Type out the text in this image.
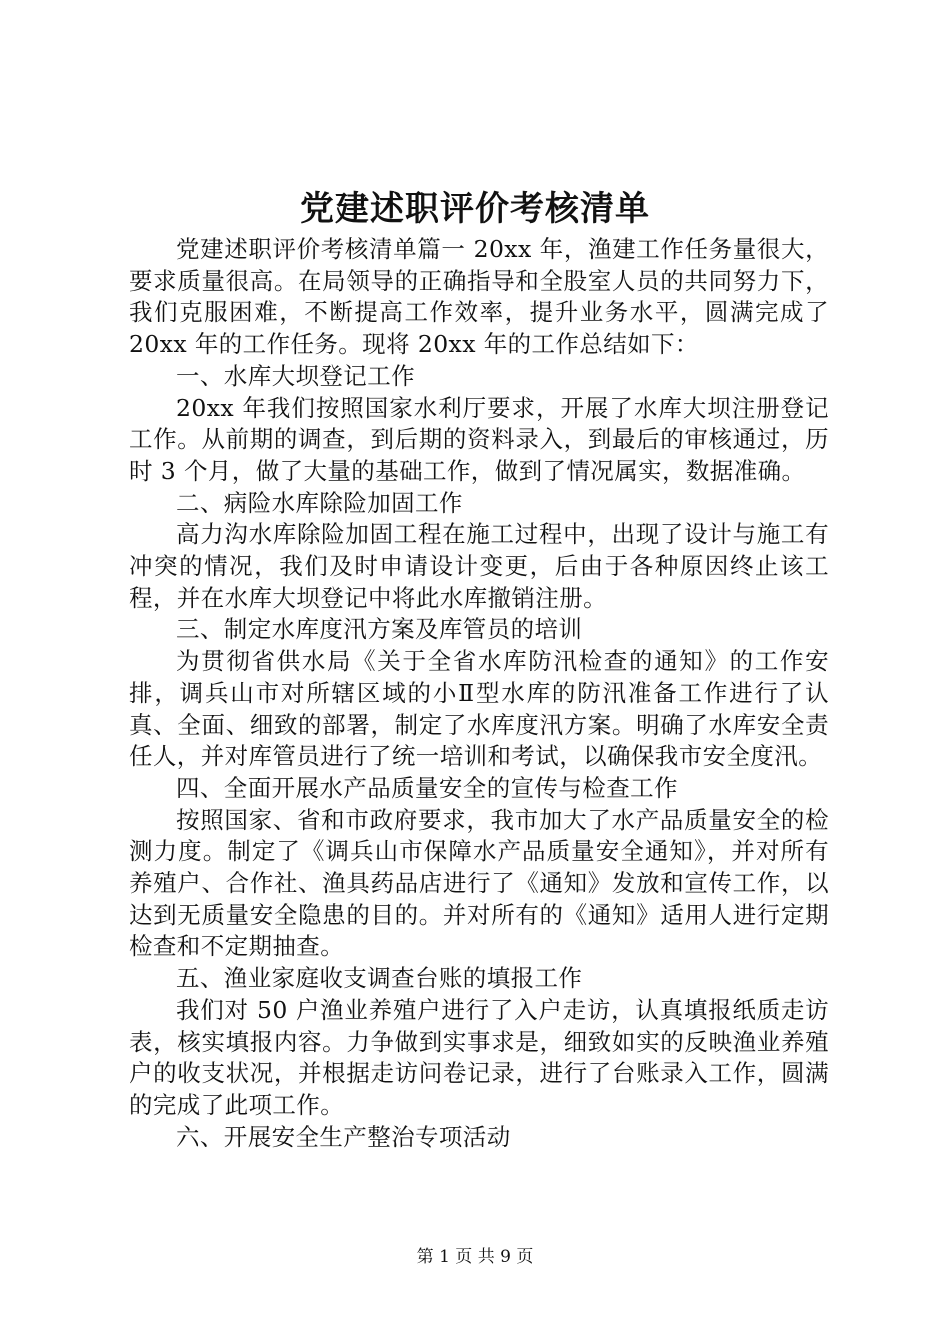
党建述职评价考核清单

党建述职评价考核清单篇一 20xx 年，渔建工作任务量很大，要求质量很高。在局领导的正确指导和全股室人员的共同努力下，我们克服困难，不断提高工作效率，提升业务水平，圆满完成了 20xx 年的工作任务。现将 20xx 年的工作总结如下：

一、水库大坝登记工作

20xx 年我们按照国家水利厅要求，开展了水库大坝注册登记工作。从前期的调查，到后期的资料录入，到最后的审核通过，历时 3 个月，做了大量的基础工作，做到了情况属实，数据准确。

二、病险水库除险加固工作

高力沟水库除险加固工程在施工过程中，出现了设计与施工有冲突的情况，我们及时申请设计变更，后由于各种原因终止该工程，并在水库大坝登记中将此水库撤销注册。

三、制定水库度汛方案及库管员的培训

为贯彻省供水局《关于全省水库防汛检查的通知》的工作安排，调兵山市对所辖区域的小Ⅱ型水库的防汛准备工作进行了认真、全面、细致的部署，制定了水库度汛方案。明确了水库安全责任人，并对库管员进行了统一培训和考试，以确保我市安全度汛。

四、全面开展水产品质量安全的宣传与检查工作

按照国家、省和市政府要求，我市加大了水产品质量安全的检测力度。制定了《调兵山市保障水产品质量安全通知》，并对所有养殖户、合作社、渔具药品店进行了《通知》发放和宣传工作，以达到无质量安全隐患的目的。并对所有的《通知》适用人进行定期检查和不定期抽查。

五、渔业家庭收支调查台账的填报工作

我们对 50 户渔业养殖户进行了入户走访，认真填报纸质走访表，核实填报内容。力争做到实事求是，细致如实的反映渔业养殖户的收支状况，并根据走访问卷记录，进行了台账录入工作，圆满的完成了此项工作。

六、开展安全生产整治专项活动

第 1 页 共 9 页
